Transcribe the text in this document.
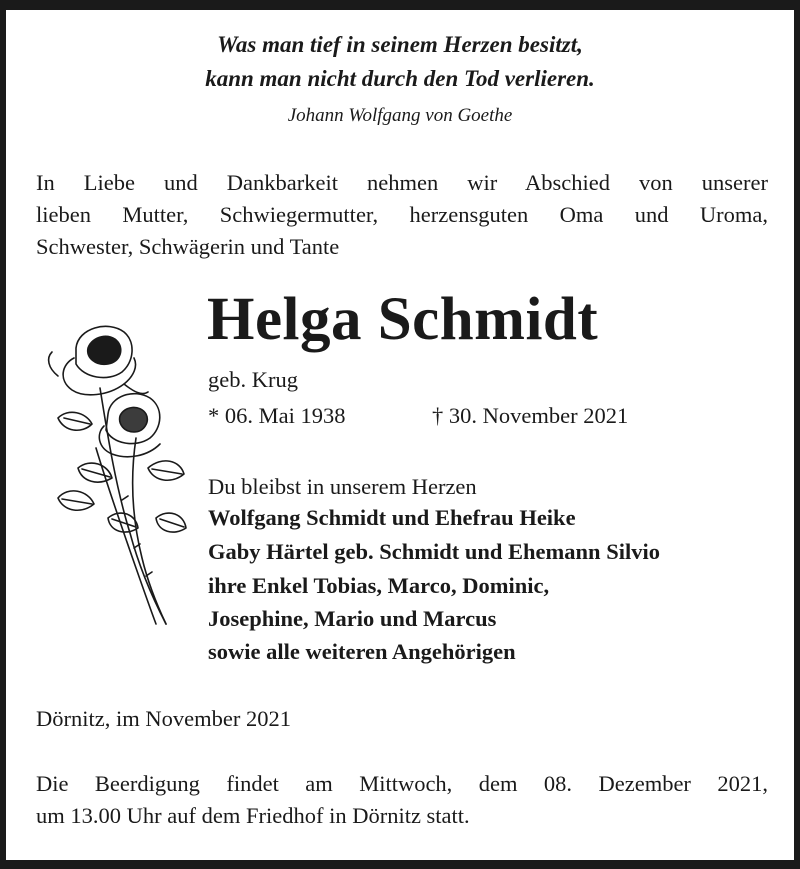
Was man tief in seinem Herzen besitzt,
kann man nicht durch den Tod verlieren.
Johann Wolfgang von Goethe
In Liebe und Dankbarkeit nehmen wir Abschied von unserer
lieben Mutter, Schwiegermutter, herzensguten Oma und Uroma,
Schwester, Schwägerin und Tante
Helga Schmidt
geb. Krug
* 06. Mai 1938	† 30. November 2021
Du bleibst in unserem Herzen
Wolfgang Schmidt und Ehefrau Heike
Gaby Härtel geb. Schmidt und Ehemann Silvio
ihre Enkel Tobias, Marco, Dominic,
Josephine, Mario und Marcus
sowie alle weiteren Angehörigen
Dörnitz, im November 2021
Die Beerdigung findet am Mittwoch, dem 08. Dezember 2021,
um 13.00 Uhr auf dem Friedhof in Dörnitz statt.
